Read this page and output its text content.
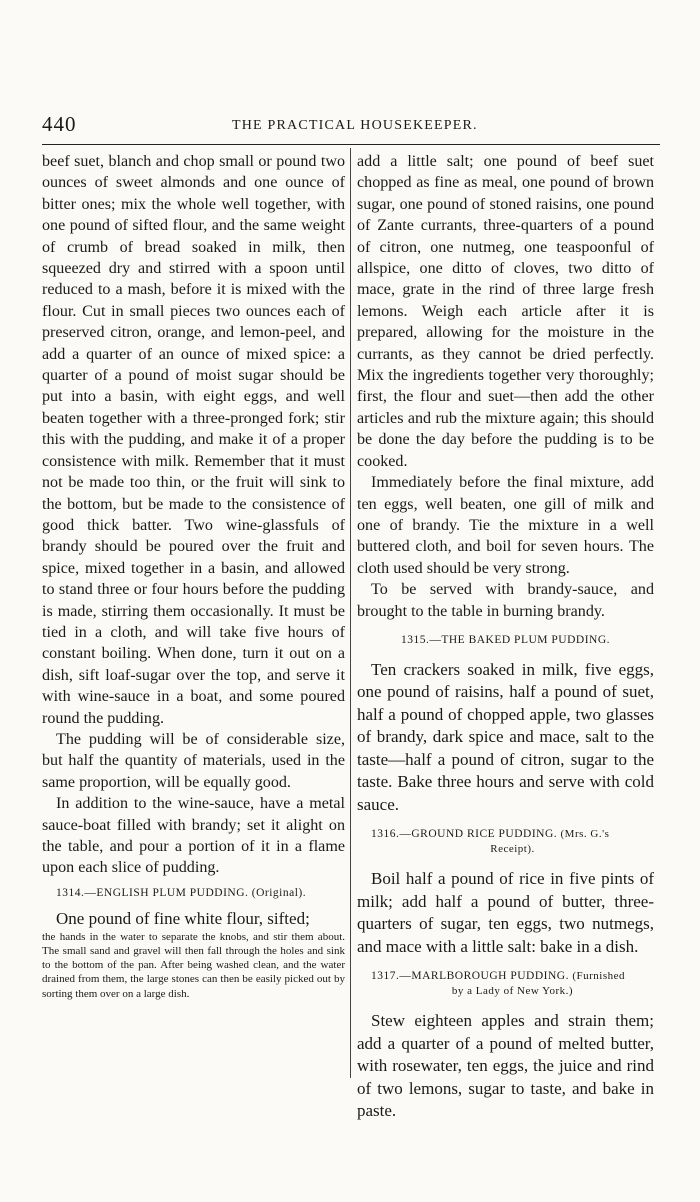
440	THE PRACTICAL HOUSEKEEPER.

beef suet, blanch and chop small or pound two ounces of sweet almonds and one ounce of bitter ones; mix the whole well together, with one pound of sifted flour, and the same weight of crumb of bread soaked in milk, then squeezed dry and stirred with a spoon until reduced to a mash, before it is mixed with the flour. Cut in small pieces two ounces each of preserved citron, orange, and lemon-peel, and add a quarter of an ounce of mixed spice: a quarter of a pound of moist sugar should be put into a basin, with eight eggs, and well beaten together with a three-pronged fork; stir this with the pudding, and make it of a proper consistence with milk. Remember that it must not be made too thin, or the fruit will sink to the bottom, but be made to the consistence of good thick batter. Two wine-glassfuls of brandy should be poured over the fruit and spice, mixed together in a basin, and allowed to stand three or four hours before the pudding is made, stirring them occasionally. It must be tied in a cloth, and will take five hours of constant boiling. When done, turn it out on a dish, sift loaf-sugar over the top, and serve it with wine-sauce in a boat, and some poured round the pudding.

The pudding will be of considerable size, but half the quantity of materials, used in the same proportion, will be equally good.

In addition to the wine-sauce, have a metal sauce-boat filled with brandy; set it alight on the table, and pour a portion of it in a flame upon each slice of pudding.

1314.—ENGLISH PLUM PUDDING. (Original).

One pound of fine white flour, sifted;

the hands in the water to separate the knobs, and stir them about. The small sand and gravel will then fall through the holes and sink to the bottom of the pan. After being washed clean, and the water drained from them, the large stones can then be easily picked out by sorting them over on a large dish.

add a little salt; one pound of beef suet chopped as fine as meal, one pound of brown sugar, one pound of stoned raisins, one pound of Zante currants, three-quarters of a pound of citron, one nutmeg, one teaspoonful of allspice, one ditto of cloves, two ditto of mace, grate in the rind of three large fresh lemons. Weigh each article after it is prepared, allowing for the moisture in the currants, as they cannot be dried perfectly. Mix the ingredients together very thoroughly; first, the flour and suet—then add the other articles and rub the mixture again; this should be done the day before the pudding is to be cooked.

Immediately before the final mixture, add ten eggs, well beaten, one gill of milk and one of brandy. Tie the mixture in a well buttered cloth, and boil for seven hours. The cloth used should be very strong.

To be served with brandy-sauce, and brought to the table in burning brandy.

1315.—THE BAKED PLUM PUDDING.

Ten crackers soaked in milk, five eggs, one pound of raisins, half a pound of suet, half a pound of chopped apple, two glasses of brandy, dark spice and mace, salt to the taste—half a pound of citron, sugar to the taste. Bake three hours and serve with cold sauce.

1316.—GROUND RICE PUDDING. (Mrs. G.'s
Receipt).

Boil half a pound of rice in five pints of milk; add half a pound of butter, three-quarters of sugar, ten eggs, two nutmegs, and mace with a little salt: bake in a dish.

1317.—MARLBOROUGH PUDDING. (Furnished
by a Lady of New York.)

Stew eighteen apples and strain them; add a quarter of a pound of melted butter, with rosewater, ten eggs, the juice and rind of two lemons, sugar to taste, and bake in paste.
